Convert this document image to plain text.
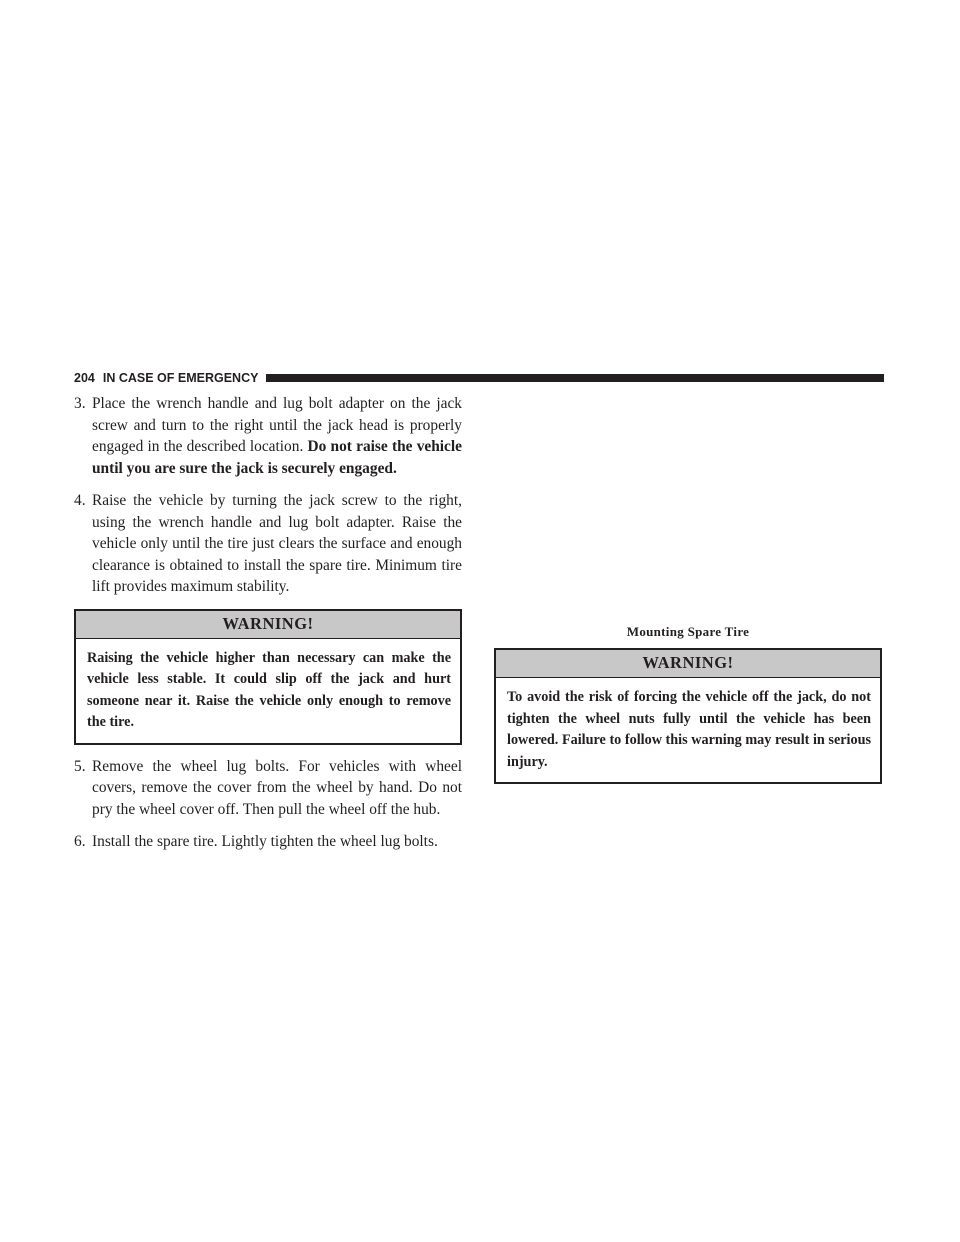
204 IN CASE OF EMERGENCY
3. Place the wrench handle and lug bolt adapter on the jack screw and turn to the right until the jack head is properly engaged in the described location. Do not raise the vehicle until you are sure the jack is securely engaged.
4. Raise the vehicle by turning the jack screw to the right, using the wrench handle and lug bolt adapter. Raise the vehicle only until the tire just clears the surface and enough clearance is obtained to install the spare tire. Minimum tire lift provides maximum stability.
WARNING!
Raising the vehicle higher than necessary can make the vehicle less stable. It could slip off the jack and hurt someone near it. Raise the vehicle only enough to remove the tire.
5. Remove the wheel lug bolts. For vehicles with wheel covers, remove the cover from the wheel by hand. Do not pry the wheel cover off. Then pull the wheel off the hub.
6. Install the spare tire. Lightly tighten the wheel lug bolts.
Mounting Spare Tire
WARNING!
To avoid the risk of forcing the vehicle off the jack, do not tighten the wheel nuts fully until the vehicle has been lowered. Failure to follow this warning may result in serious injury.
